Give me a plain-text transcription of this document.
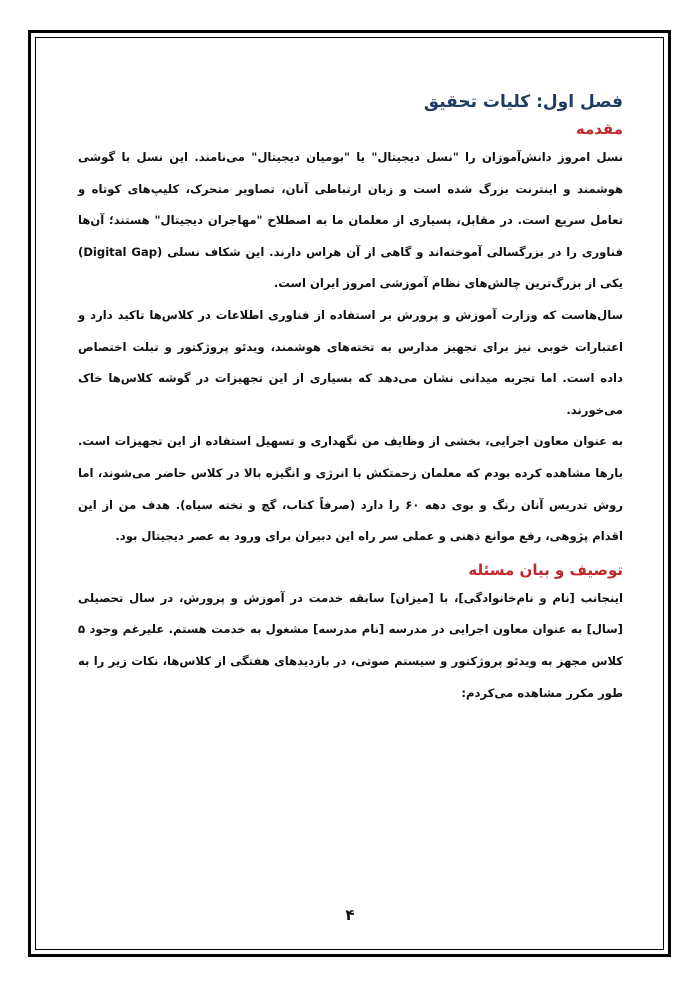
فصل اول: کلیات تحقیق
مقدمه

نسل امروز دانش‌آموزان را "نسل دیجیتال" یا "بومیان دیجیتال" می‌نامند. این نسل با گوشی هوشمند و اینترنت بزرگ شده است و زبان ارتباطی آنان، تصاویر متحرک، کلیپ‌های کوتاه و تعامل سریع است. در مقابل، بسیاری از معلمان ما به اصطلاح "مهاجران دیجیتال" هستند؛ آن‌ها فناوری را در بزرگسالی آموخته‌اند و گاهی از آن هراس دارند. این شکاف نسلی (Digital Gap) یکی از بزرگ‌ترین چالش‌های نظام آموزشی امروز ایران است.

سال‌هاست که وزارت آموزش و پرورش بر استفاده از فناوری اطلاعات در کلاس‌ها تاکید دارد و اعتبارات خوبی نیز برای تجهیز مدارس به تخته‌های هوشمند، ویدئو پروژکتور و تبلت اختصاص داده است. اما تجربه میدانی نشان می‌دهد که بسیاری از این تجهیزات در گوشه کلاس‌ها خاک می‌خورند.

به عنوان معاون اجرایی، بخشی از وظایف من نگهداری و تسهیل استفاده از این تجهیزات است. بارها مشاهده کرده بودم که معلمان زحمتکش با انرژی و انگیزه بالا در کلاس حاضر می‌شوند، اما روش تدریس آنان رنگ و بوی دهه ۶۰ را دارد (صرفاً کتاب، گچ و تخته سیاه). هدف من از این اقدام پژوهی، رفع موانع ذهنی و عملی سر راه این دبیران برای ورود به عصر دیجیتال بود.

توصیف و بیان مسئله

اینجانب [نام و نام‌خانوادگی]، با [میزان] سابقه خدمت در آموزش و پرورش، در سال تحصیلی [سال] به عنوان معاون اجرایی در مدرسه [نام مدرسه] مشغول به خدمت هستم. علیرغم وجود ۵ کلاس مجهز به ویدئو پروژکتور و سیستم صوتی، در بازدیدهای هفتگی از کلاس‌ها، نکات زیر را به طور مکرر مشاهده می‌کردم:

۴
